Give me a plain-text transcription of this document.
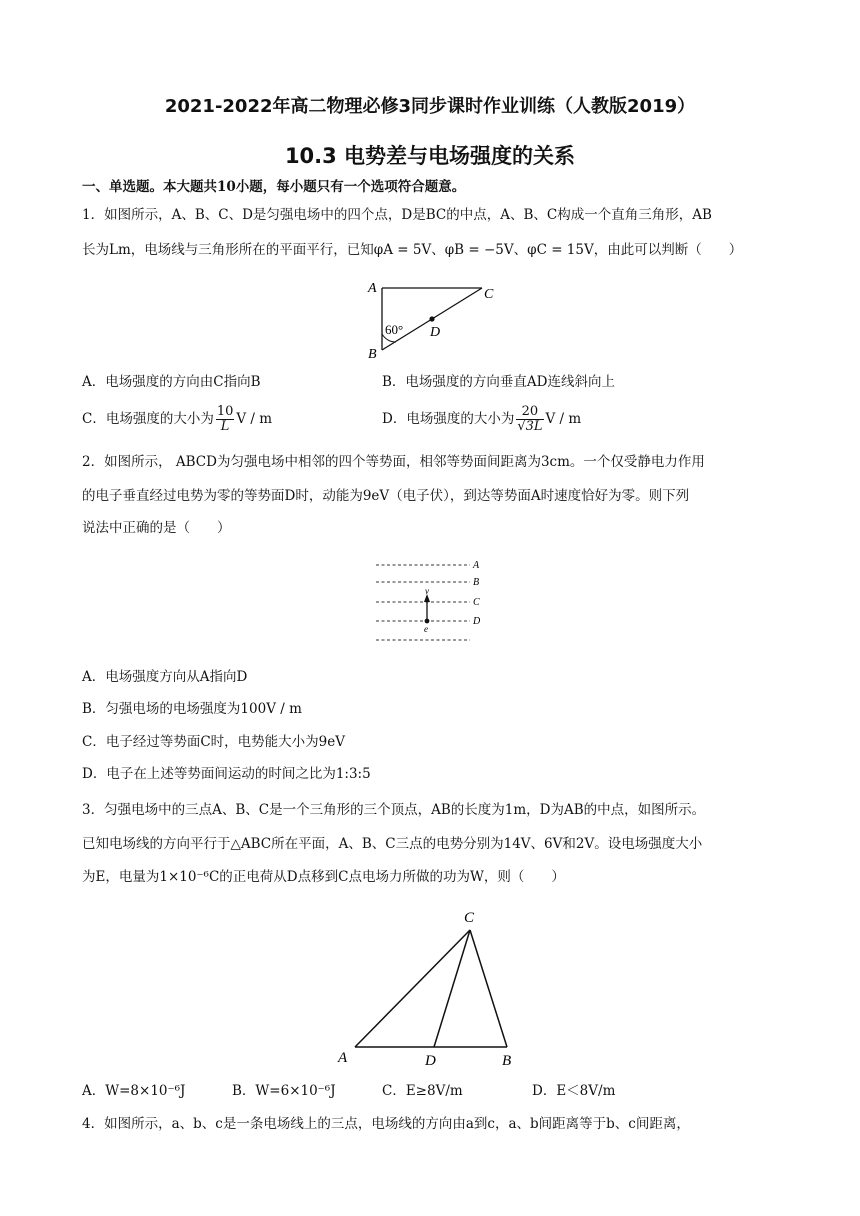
2021-2022年高二物理必修3同步课时作业训练（人教版2019）
10.3 电势差与电场强度的关系
一、单选题。本大题共10小题，每小题只有一个选项符合题意。
1．如图所示，A、B、C、D是匀强电场中的四个点，D是BC的中点，A、B、C构成一个直角三角形，AB
长为Lm，电场线与三角形所在的平面平行，已知φA = 5V、φB = −5V、φC = 15V，由此可以判断（　　）
A	C
D
B
60°
A．电场强度的方向由C指向B	B．电场强度的方向垂直AD连线斜向上
C．电场强度的大小为 $\frac{10}{L}$ V / m	D．电场强度的大小为 $\frac{20}{√3L}$ V / m
2．如图所示， ABCD为匀强电场中相邻的四个等势面，相邻等势面间距离为3cm。一个仅受静电力作用
的电子垂直经过电势为零的等势面D时，动能为9eV（电子伏），到达等势面A时速度恰好为零。则下列
说法中正确的是（　　）
A
B
C
D
v
e
A．电场强度方向从A指向D
B．匀强电场的电场强度为100V / m
C．电子经过等势面C时，电势能大小为9eV
D．电子在上述等势面间运动的时间之比为1:3:5
3．匀强电场中的三点A、B、C是一个三角形的三个顶点，AB的长度为1m，D为AB的中点，如图所示。
已知电场线的方向平行于△ABC所在平面，A、B、C三点的电势分别为14V、6V和2V。设电场强度大小
为E，电量为1×10⁻⁶C的正电荷从D点移到C点电场力所做的功为W，则（　　）
C
A	D	B
A．W=8×10⁻⁶J	B．W=6×10⁻⁶J	C．E≥8V/m	D．E＜8V/m
4．如图所示，a、b、c是一条电场线上的三点，电场线的方向由a到c，a、b间距离等于b、c间距离，
